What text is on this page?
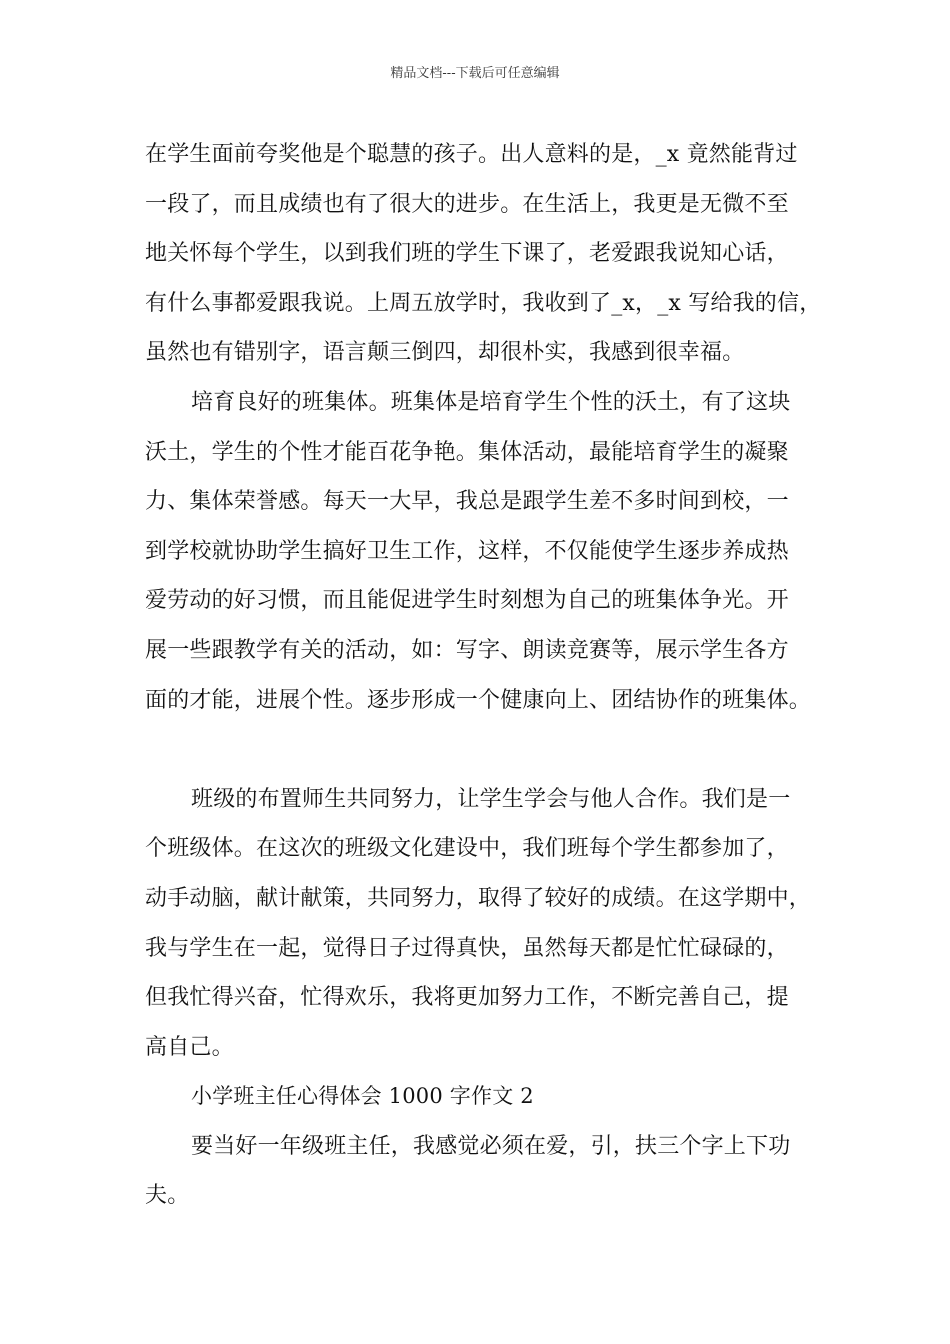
精品文档---下载后可任意编辑

在学生面前夸奖他是个聪慧的孩子。出人意料的是，_x 竟然能背过
一段了，而且成绩也有了很大的进步。在生活上，我更是无微不至
地关怀每个学生，以到我们班的学生下课了，老爱跟我说知心话，
有什么事都爱跟我说。上周五放学时，我收到了_x，_x 写给我的信，
虽然也有错别字，语言颠三倒四，却很朴实，我感到很幸福。

培育良好的班集体。班集体是培育学生个性的沃土，有了这块
沃土，学生的个性才能百花争艳。集体活动，最能培育学生的凝聚
力、集体荣誉感。每天一大早，我总是跟学生差不多时间到校，一
到学校就协助学生搞好卫生工作，这样，不仅能使学生逐步养成热
爱劳动的好习惯，而且能促进学生时刻想为自己的班集体争光。开
展一些跟教学有关的活动，如：写字、朗读竞赛等，展示学生各方
面的才能，进展个性。逐步形成一个健康向上、团结协作的班集体。

班级的布置师生共同努力，让学生学会与他人合作。我们是一
个班级体。在这次的班级文化建设中，我们班每个学生都参加了，
动手动脑，献计献策，共同努力，取得了较好的成绩。在这学期中，
我与学生在一起，觉得日子过得真快，虽然每天都是忙忙碌碌的，
但我忙得兴奋，忙得欢乐，我将更加努力工作，不断完善自己，提
高自己。

小学班主任心得体会 1000 字作文 2

要当好一年级班主任，我感觉必须在爱，引，扶三个字上下功
夫。
